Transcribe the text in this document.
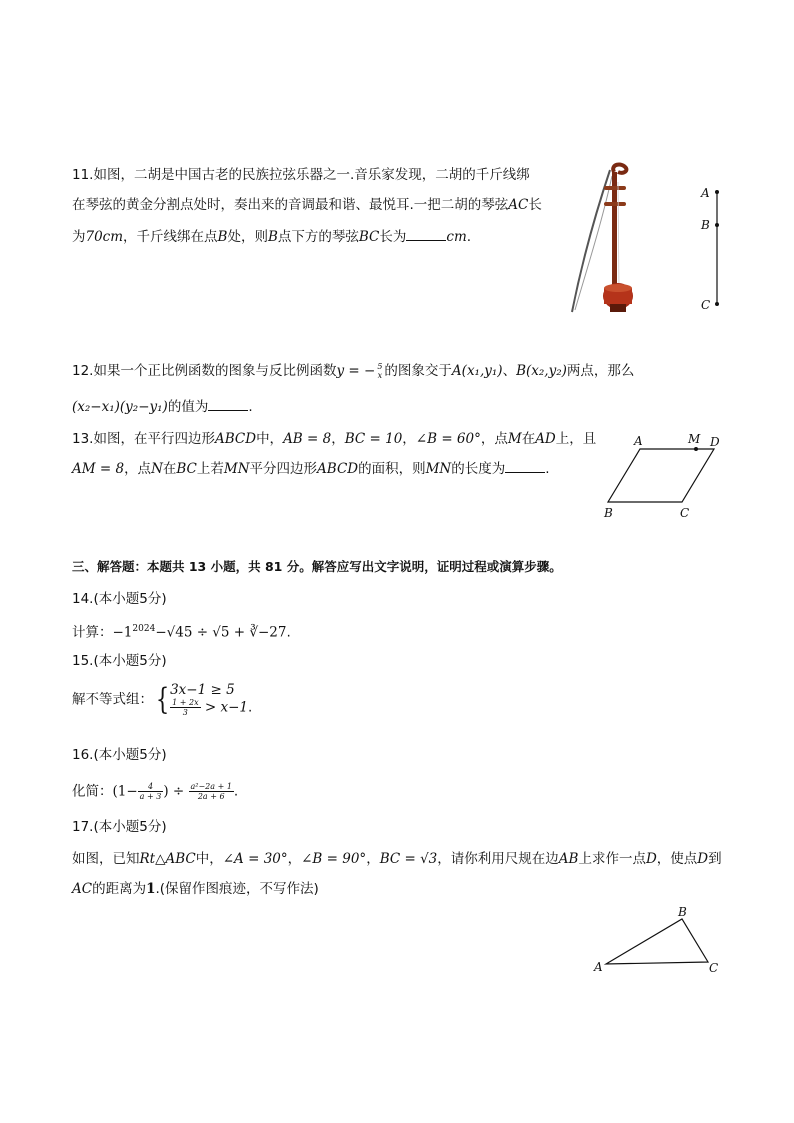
11.如图，二胡是中国古老的民族拉弦乐器之一.音乐家发现，二胡的千斤线绑
在琴弦的黄金分割点处时，奏出来的音调最和谐、最悦耳.一把二胡的琴弦AC长
为70cm，千斤线绑在点B处，则B点下方的琴弦BC长为	cm.
A
B
C
12.如果一个正比例函数的图象与反比例函数y = − 5
x 的图象交于A(x₁,y₁)、B(x₂,y₂)两点，那么
(x₂−x₁)(y₂−y₁)的值为	.
13.如图，在平行四边形ABCD中，AB = 8，BC = 10，∠B = 60°，点M在AD上，且
AM = 8，点N在BC上若MN平分四边形ABCD的面积，则MN的长度为	.
A	M D
B	C
三、解答题：本题共 13 小题，共 81 分。解答应写出文字说明，证明过程或演算步骤。
14.(本小题5分)
计算：$-1^{2024}-√45 \div √5$ + ∛−27.
15.(本小题5分)
解不等式组：{ 3x−1 ≥ 5
$\frac{1 + 2x}{3} > x-1$.
16.(本小题5分)
化简：($1- \frac{4}{a + 3}$ ) ÷ $\frac{\text{a²−2a + 1}}{2a + 6}$ .
17.(本小题5分)
如图，已知Rt△ABC中，∠A = 30°，∠B = 90°，BC = √3，请你利用尺规在边AB上求作一点D，使点D到
AC的距离为1.(保留作图痕迹，不写作法)
B
A	C
